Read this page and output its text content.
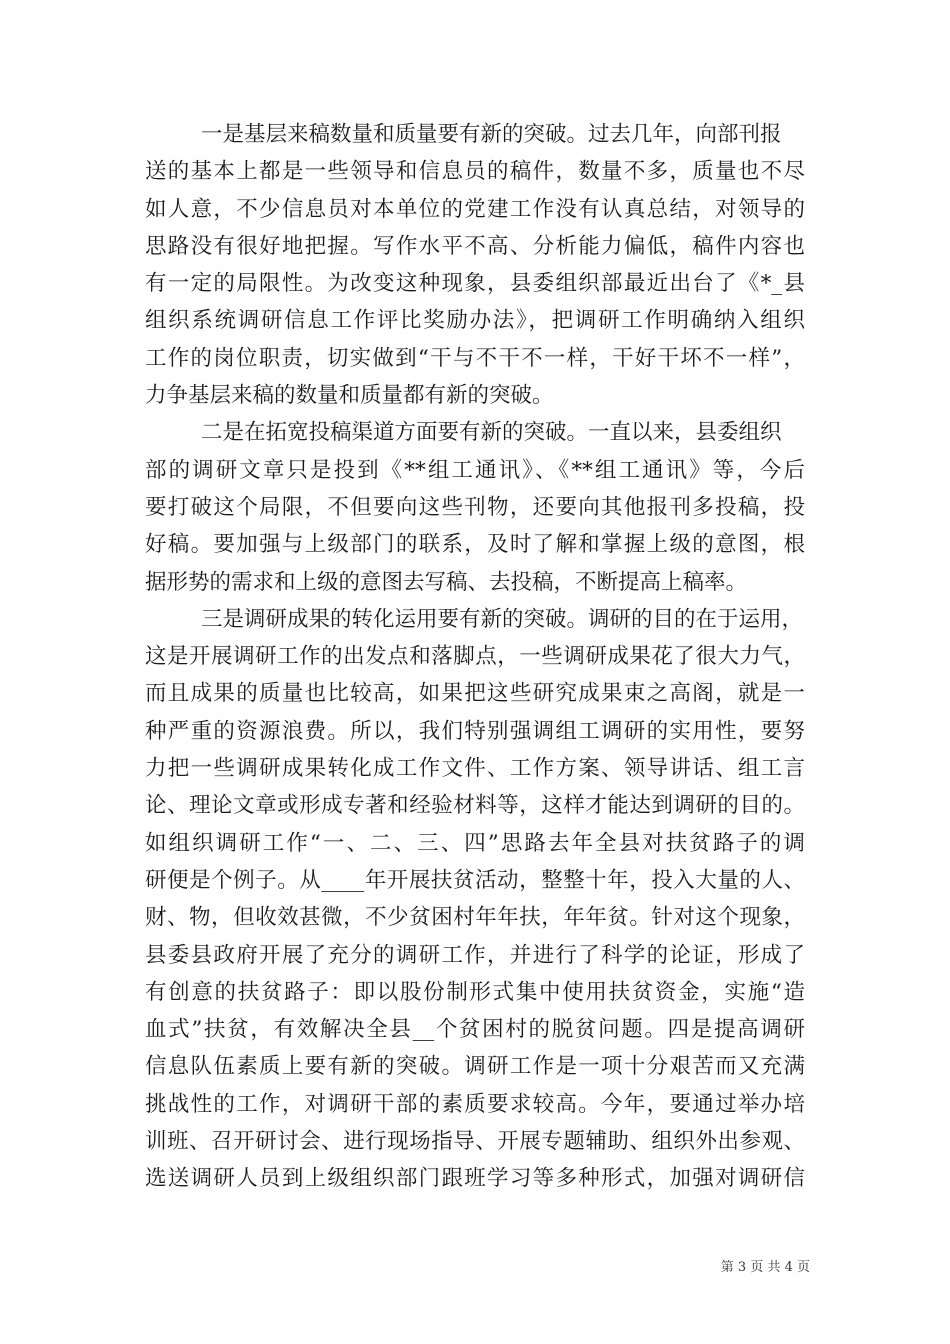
一是基层来稿数量和质量要有新的突破。过去几年，向部刊报
送的基本上都是一些领导和信息员的稿件，数量不多，质量也不尽
如人意，不少信息员对本单位的党建工作没有认真总结，对领导的
思路没有很好地把握。写作水平不高、分析能力偏低，稿件内容也
有一定的局限性。为改变这种现象，县委组织部最近出台了《*_县
组织系统调研信息工作评比奖励办法》，把调研工作明确纳入组织
工作的岗位职责，切实做到“干与不干不一样，干好干坏不一样”，
力争基层来稿的数量和质量都有新的突破。
二是在拓宽投稿渠道方面要有新的突破。一直以来，县委组织
部的调研文章只是投到《**组工通讯》、《**组工通讯》等，今后
要打破这个局限，不但要向这些刊物，还要向其他报刊多投稿，投
好稿。要加强与上级部门的联系，及时了解和掌握上级的意图，根
据形势的需求和上级的意图去写稿、去投稿，不断提高上稿率。
三是调研成果的转化运用要有新的突破。调研的目的在于运用，
这是开展调研工作的出发点和落脚点，一些调研成果花了很大力气，
而且成果的质量也比较高，如果把这些研究成果束之高阁，就是一
种严重的资源浪费。所以，我们特别强调组工调研的实用性，要努
力把一些调研成果转化成工作文件、工作方案、领导讲话、组工言
论、理论文章或形成专著和经验材料等，这样才能达到调研的目的。
如组织调研工作“一、二、三、四”思路去年全县对扶贫路子的调
研便是个例子。从____年开展扶贫活动，整整十年，投入大量的人、
财、物，但收效甚微，不少贫困村年年扶，年年贫。针对这个现象，
县委县政府开展了充分的调研工作，并进行了科学的论证，形成了
有创意的扶贫路子：即以股份制形式集中使用扶贫资金，实施“造
血式”扶贫，有效解决全县__个贫困村的脱贫问题。四是提高调研
信息队伍素质上要有新的突破。调研工作是一项十分艰苦而又充满
挑战性的工作，对调研干部的素质要求较高。今年，要通过举办培
训班、召开研讨会、进行现场指导、开展专题辅助、组织外出参观、
选送调研人员到上级组织部门跟班学习等多种形式，加强对调研信
第 3 页 共 4 页
